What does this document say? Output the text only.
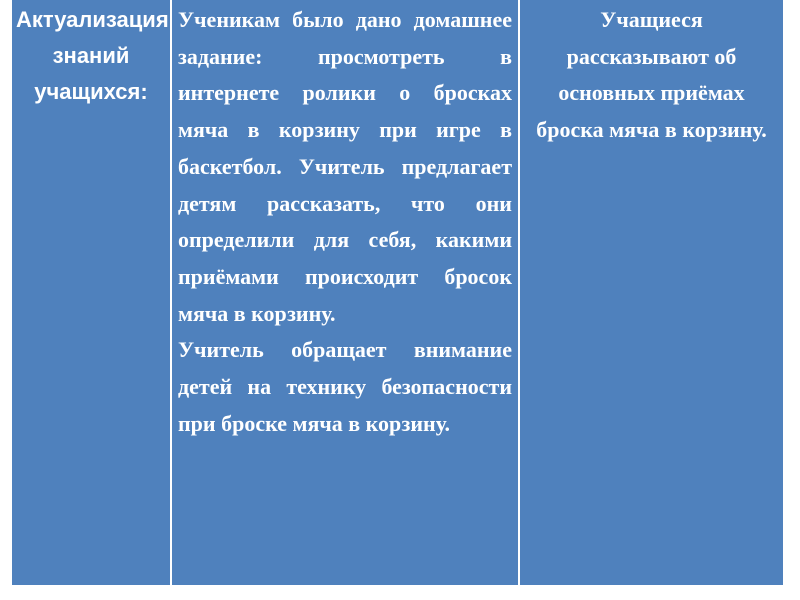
Актуализация знаний учащихся:

Ученикам было дано домашнее задание: просмотреть в интернете ролики о бросках мяча в корзину при игре в баскетбол. Учитель предлагает детям рассказать, что они определили для себя, какими приёмами происходит бросок мяча в корзину.

Учитель обращает внимание детей на технику безопасности при броске мяча в корзину.

Учащиеся рассказывают об основных приёмах броска мяча в корзину.
